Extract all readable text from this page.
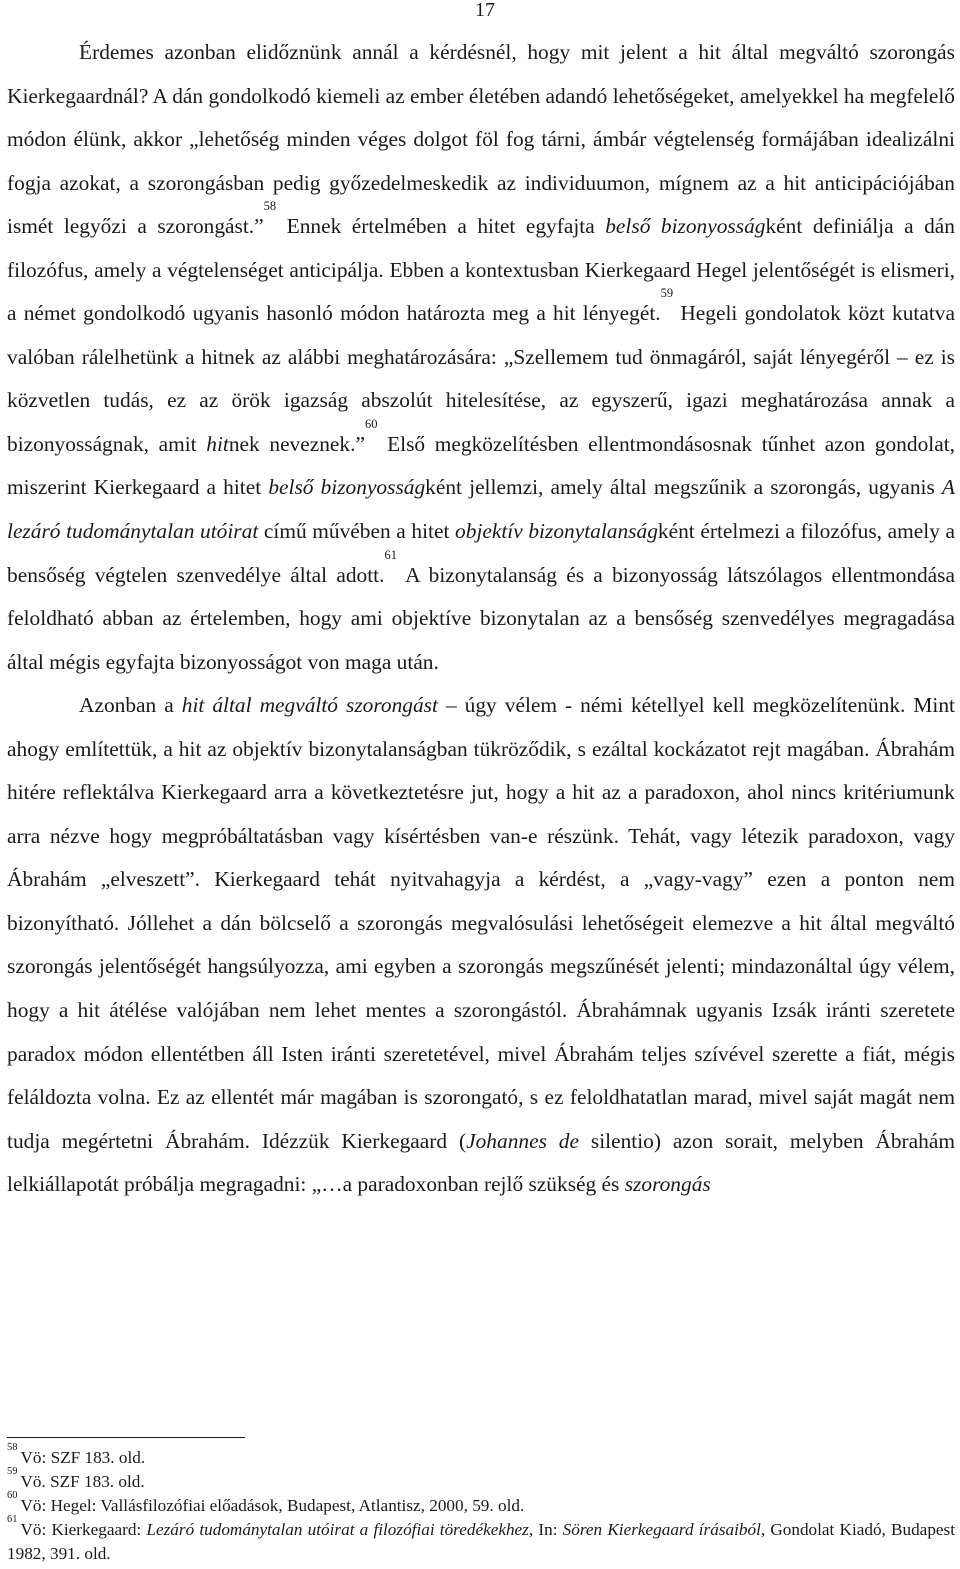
17

Érdemes azonban elidőznünk annál a kérdésnél, hogy mit jelent a hit által megváltó szorongás Kierkegaardnál? A dán gondolkodó kiemeli az ember életében adandó lehetőségeket, amelyekkel ha megfelelő módon élünk, akkor „lehetőség minden véges dolgot föl fog tárni, ámbár végtelenség formájában idealizálni fogja azokat, a szorongásban pedig győzedelmeskedik az individuumon, mígnem az a hit anticipációjában ismét legyőzi a szorongást.”$^{58}$ Ennek értelmében a hitet egyfajta belső bizonyosságként definiálja a dán filozófus, amely a végtelenséget anticipálja. Ebben a kontextusban Kierkegaard Hegel jelentőségét is elismeri, a német gondolkodó ugyanis hasonló módon határozta meg a hit lényegét.$^{59}$ Hegeli gondolatok közt kutatva valóban rálelhetünk a hitnek az alábbi meghatározására: „Szellemem tud önmagáról, saját lényegéről – ez is közvetlen tudás, ez az örök igazság abszolút hitelesítése, az egyszerű, igazi meghatározása annak a bizonyosságnak, amit hitnek neveznek.”$^{60}$ Első megközelítésben ellentmondásosnak tűnhet azon gondolat, miszerint Kierkegaard a hitet belső bizonyosságként jellemzi, amely által megszűnik a szorongás, ugyanis A lezáró tudománytalan utóirat című művében a hitet objektív bizonytalanságként értelmezi a filozófus, amely a bensőség végtelen szenvedélye által adott.$^{61}$ A bizonytalanság és a bizonyosság látszólagos ellentmondása feloldható abban az értelemben, hogy ami objektíve bizonytalan az a bensőség szenvedélyes megragadása által mégis egyfajta bizonyosságot von maga után.

Azonban a hit által megváltó szorongást – úgy vélem - némi kétellyel kell megközelítenünk. Mint ahogy említettük, a hit az objektív bizonytalanságban tükröződik, s ezáltal kockázatot rejt magában. Ábrahám hitére reflektálva Kierkegaard arra a következtetésre jut, hogy a hit az a paradoxon, ahol nincs kritériumunk arra nézve hogy megpróbáltatásban vagy kísértésben van-e részünk. Tehát, vagy létezik paradoxon, vagy Ábrahám „elveszett”. Kierkegaard tehát nyitvahagyja a kérdést, a „vagy-vagy” ezen a ponton nem bizonyítható. Jóllehet a dán bölcselő a szorongás megvalósulási lehetőségeit elemezve a hit által megváltó szorongás jelentőségét hangsúlyozza, ami egyben a szorongás megszűnését jelenti; mindazonáltal úgy vélem, hogy a hit átélése valójában nem lehet mentes a szorongástól. Ábrahámnak ugyanis Izsák iránti szeretete paradox módon ellentétben áll Isten iránti szeretetével, mivel Ábrahám teljes szívével szerette a fiát, mégis feláldozta volna. Ez az ellentét már magában is szorongató, s ez feloldhatatlan marad, mivel saját magát nem tudja megértetni Ábrahám. Idézzük Kierkegaard (Johannes de silentio) azon sorait, melyben Ábrahám lelkiállapotát próbálja megragadni: „…a paradoxonban rejlő szükség és szorongás

$^{58}$Vö: SZF 183. old.
$^{59}$Vö. SZF 183. old.
$^{60}$Vö: Hegel: Vallásfilozófiai előadások, Budapest, Atlantisz, 2000, 59. old.
$^{61}$Vö: Kierkegaard: Lezáró tudománytalan utóirat a filozófiai töredékekhez, In: Sören Kierkegaard írásaiból, Gondolat Kiadó, Budapest 1982, 391. old.
